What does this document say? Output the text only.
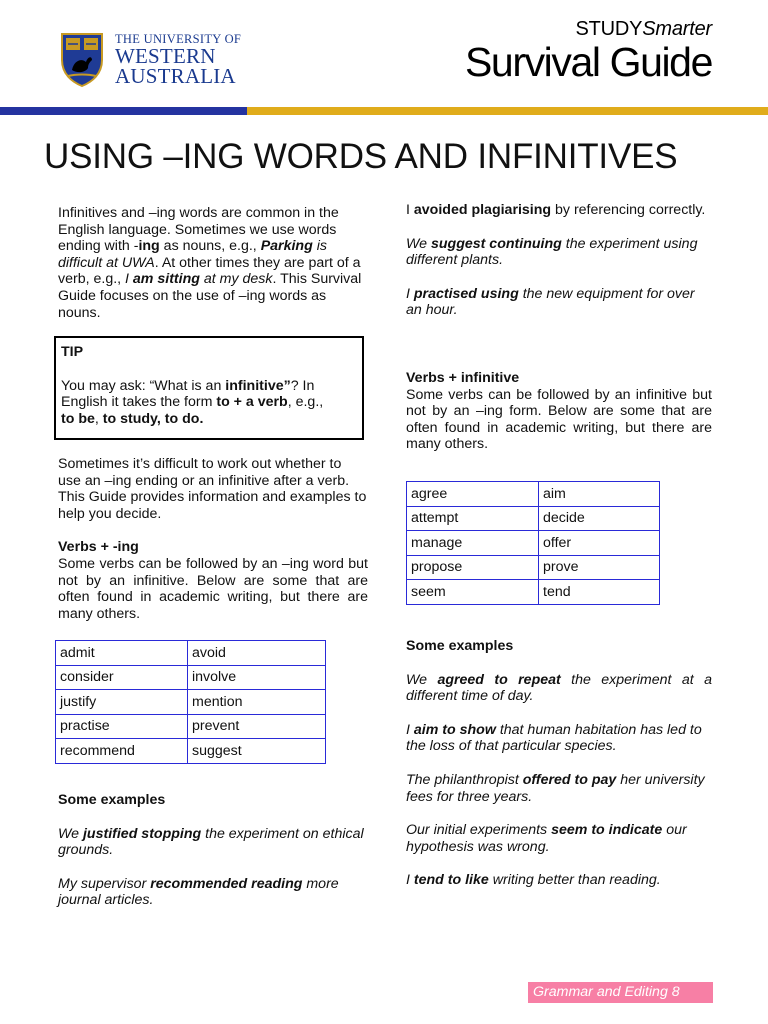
THE UNIVERSITY OF
WESTERN
AUSTRALIA
STUDYSmarter
Survival Guide
USING –ING WORDS AND INFINITIVES

Infinitives and –ing words are common in the English language. Sometimes we use words ending with -ing as nouns, e.g., Parking is difficult at UWA. At other times they are part of a verb, e.g., I am sitting at my desk. This Survival Guide focuses on the use of –ing words as nouns.

TIP

You may ask: “What is an infinitive”? In English it takes the form to + a verb, e.g.,
to be, to study, to do.

Sometimes it’s difficult to work out whether to use an –ing ending or an infinitive after a verb. This Guide provides information and examples to help you decide.

Verbs + -ing

Some verbs can be followed by an –ing word but not by an infinitive. Below are some that are often found in academic writing, but there are many others.

admit	avoid
consider	involve
justify	mention
practise	prevent
recommend	suggest

Some examples

We justified stopping the experiment on ethical grounds.

My supervisor recommended reading more journal articles.

I avoided plagiarising by referencing correctly.

We suggest continuing the experiment using different plants.

I practised using the new equipment for over an hour.

Verbs + infinitive

Some verbs can be followed by an infinitive but not by an –ing form. Below are some that are often found in academic writing, but there are many others.

agree	aim
attempt	decide
manage	offer
propose	prove
seem	tend

Some examples

We agreed to repeat the experiment at a different time of day.

I aim to show that human habitation has led to the loss of that particular species.

The philanthropist offered to pay her university fees for three years.

Our initial experiments seem to indicate our hypothesis was wrong.

I tend to like writing better than reading.

Grammar and Editing 8
